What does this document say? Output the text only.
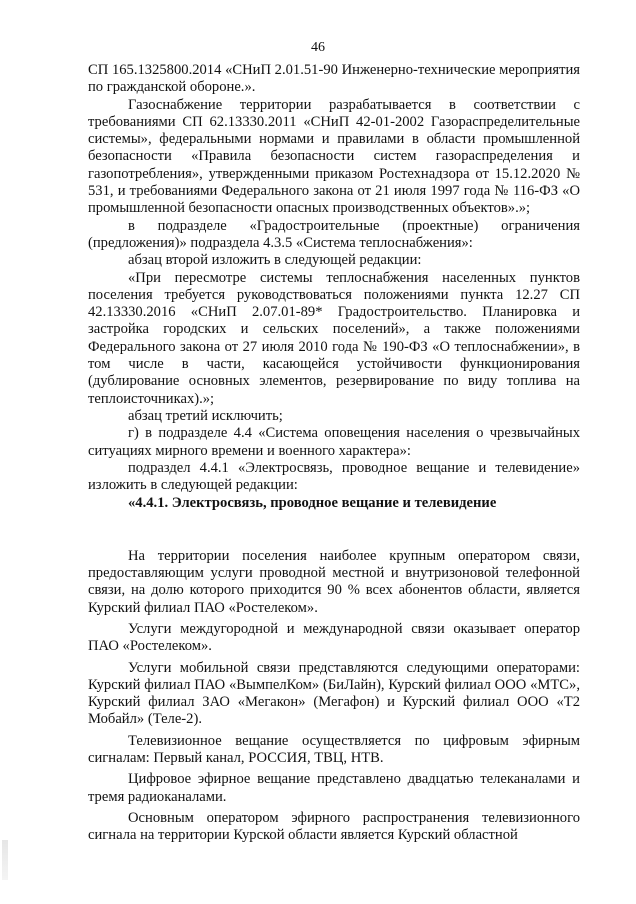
46

СП 165.1325800.2014 «СНиП 2.01.51-90 Инженерно-технические мероприятия по гражданской обороне.».

Газоснабжение территории разрабатывается в соответствии с требованиями СП 62.13330.2011 «СНиП 42-01-2002 Газораспределительные системы», федеральными нормами и правилами в области промышленной безопасности «Правила безопасности систем газораспределения и газопотребления», утвержденными приказом Ростехнадзора от 15.12.2020 № 531, и требованиями Федерального закона от 21 июля 1997 года № 116-ФЗ «О промышленной безопасности опасных производственных объектов».»;

в подразделе «Градостроительные (проектные) ограничения (предложения)» подраздела 4.3.5 «Система теплоснабжения»:

абзац второй изложить в следующей редакции:

«При пересмотре системы теплоснабжения населенных пунктов поселения требуется руководствоваться положениями пункта 12.27 СП 42.13330.2016 «СНиП 2.07.01-89* Градостроительство. Планировка и застройка городских и сельских поселений», а также положениями Федерального закона от 27 июля 2010 года № 190-ФЗ «О теплоснабжении», в том числе в части, касающейся устойчивости функционирования (дублирование основных элементов, резервирование по виду топлива на теплоисточниках).»;

абзац третий исключить;

г) в подразделе 4.4 «Система оповещения населения о чрезвычайных ситуациях мирного времени и военного характера»:

подраздел 4.4.1 «Электросвязь, проводное вещание и телевидение» изложить в следующей редакции:

«4.4.1. Электросвязь, проводное вещание и телевидение

На территории поселения наиболее крупным оператором связи, предоставляющим услуги проводной местной и внутризоновой телефонной связи, на долю которого приходится 90 % всех абонентов области, является Курский филиал ПАО «Ростелеком».

Услуги междугородной и международной связи оказывает оператор ПАО «Ростелеком».

Услуги мобильной связи представляются следующими операторами: Курский филиал ПАО «ВымпелКом» (БиЛайн), Курский филиал ООО «МТС», Курский филиал ЗАО «Мегакон» (Мегафон) и Курский филиал ООО «Т2 Мобайл» (Теле-2).

Телевизионное вещание осуществляется по цифровым эфирным сигналам: Первый канал, РОССИЯ, ТВЦ, НТВ.

Цифровое эфирное вещание представлено двадцатью телеканалами и тремя радиоканалами.

Основным оператором эфирного распространения телевизионного сигнала на территории Курской области является Курский областной
